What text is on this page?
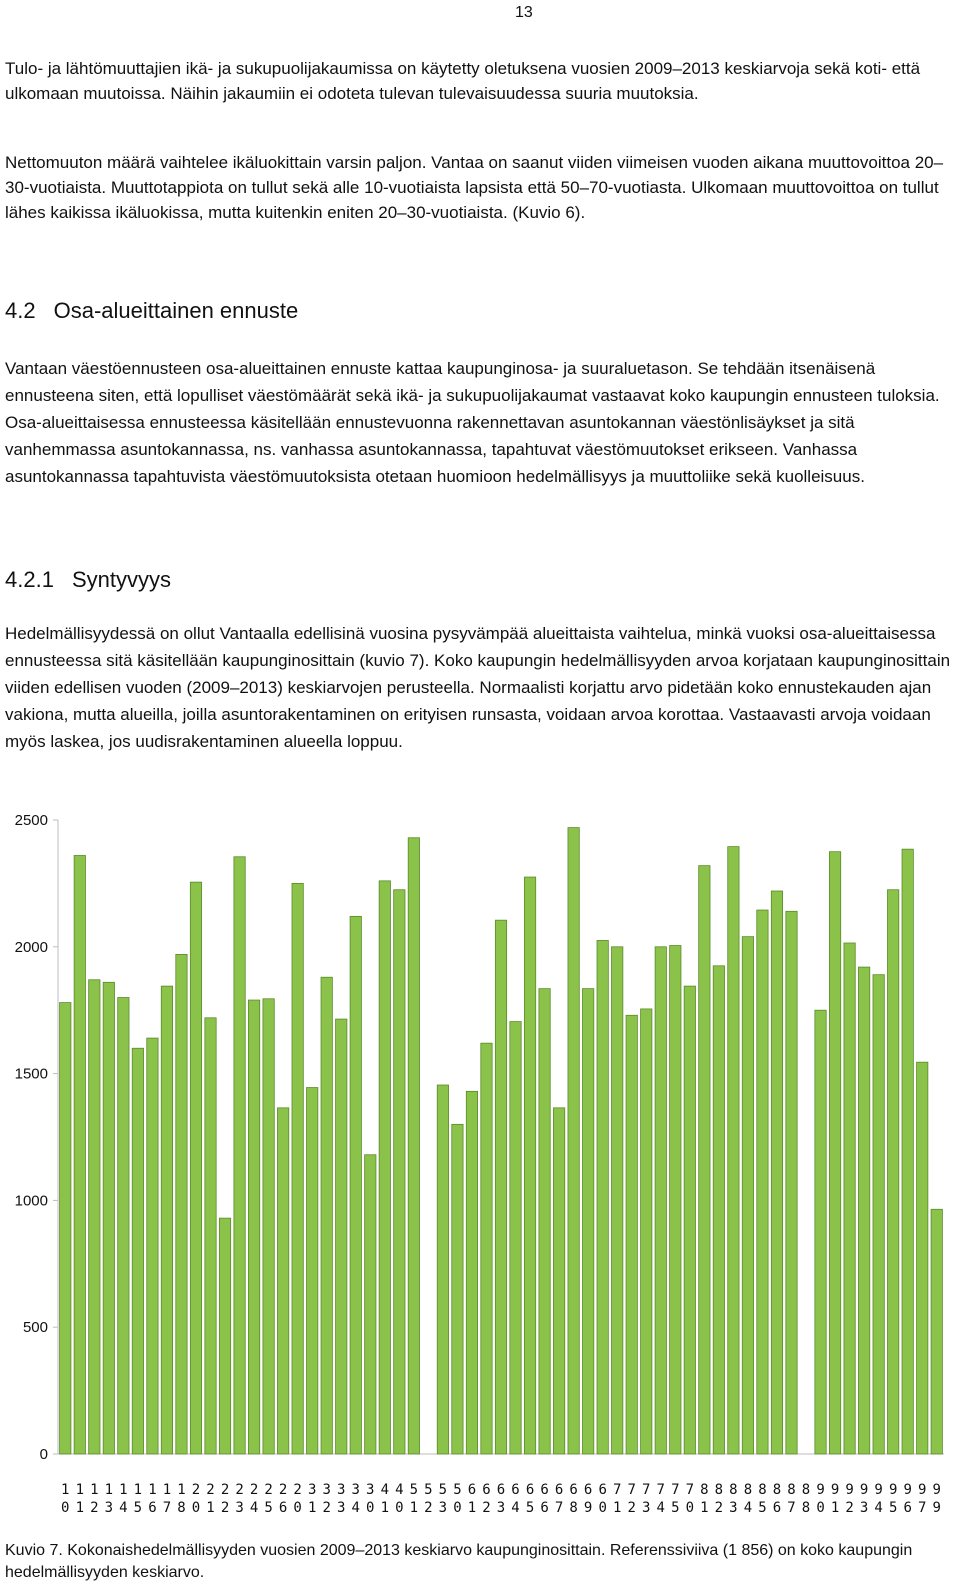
13

Tulo- ja lähtömuuttajien ikä- ja sukupuolijakaumissa on käytetty oletuksena vuosien 2009–2013 keskiarvoja sekä koti- että ulkomaan muutoissa. Näihin jakaumiin ei odoteta tulevan tulevaisuudessa suuria muutoksia.

Nettomuuton määrä vaihtelee ikäluokittain varsin paljon. Vantaa on saanut viiden viimeisen vuoden aikana muuttovoittoa 20–30-vuotiaista. Muuttotappiota on tullut sekä alle 10-vuotiaista lapsista että 50–70-vuotiasta. Ulkomaan muuttovoittoa on tullut lähes kaikissa ikäluokissa, mutta kuitenkin eniten 20–30-vuotiaista. (Kuvio 6).

4.2 Osa-alueittainen ennuste

Vantaan väestöennusteen osa-alueittainen ennuste kattaa kaupunginosa- ja suuraluetason. Se tehdään itsenäisenä ennusteena siten, että lopulliset väestömäärät sekä ikä- ja sukupuolijakaumat vastaavat koko kaupungin ennusteen tuloksia. Osa-alueittaisessa ennusteessa käsitellään ennustevuonna rakennettavan asuntokannan väestönlisäykset ja sitä vanhemmassa asuntokannassa, ns. vanhassa asuntokannassa, tapahtuvat väestömuutokset erikseen. Vanhassa asuntokannassa tapahtuvista väestömuutoksista otetaan huomioon hedelmällisyys ja muuttoliike sekä kuolleisuus.

4.2.1 Syntyvyys

Hedelmällisyydessä on ollut Vantaalla edellisinä vuosina pysyvämpää alueittaista vaihtelua, minkä vuoksi osa-alueittaisessa ennusteessa sitä käsitellään kaupunginosittain (kuvio 7). Koko kaupungin hedelmällisyyden arvoa korjataan kaupunginosittain viiden edellisen vuoden (2009–2013) keskiarvojen perusteella. Normaalisti korjattu arvo pidetään koko ennustekauden ajan vakiona, mutta alueilla, joilla asuntorakentaminen on erityisen runsasta, voidaan arvoa korottaa. Vastaavasti arvoja voidaan myös laskea, jos uudisrakentaminen alueella loppuu.

0
500
1000
1500
2000
2500
1
0
1
1
1
2
1
3
1
4
1
5
1
6
1
7
1
8
2
0
2
1
2
2
2
3
2
4
2
5
2
6
2
0
3
1
3
2
3
3
3
4
3
0
4
1
4
0
5
1
5
2
5
3
5
0
6
1
6
2
6
3
6
4
6
5
6
6
6
7
6
8
6
9
6
0
7
1
7
2
7
3
7
4
7
5
7
0
8
1
8
2
8
3
8
4
8
5
8
6
8
7
8
8
9
0
9
1
9
2
9
3
9
4
9
5
9
6
9
7
9
9

Kuvio 7. Kokonaishedelmällisyyden vuosien 2009–2013 keskiarvo kaupunginosittain. Referenssiviiva (1 856) on koko kaupungin hedelmällisyyden keskiarvo.
